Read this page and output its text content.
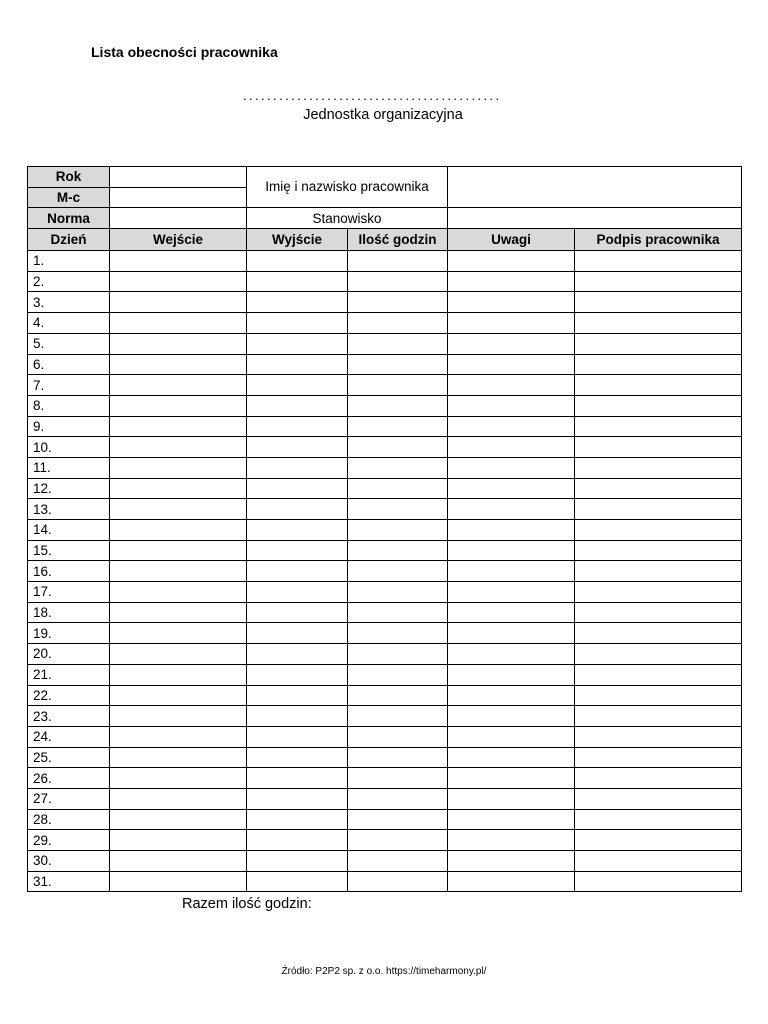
Lista obecności pracownika
...........................................
Jednostka organizacyjna
Rok		Imię i nazwisko pracownika			
M-c					
Norma		Stanowisko			
Dzień	Wejście	Wyjście	Ilość godzin	Uwagi	Podpis pracownika
1.					
2.					
3.					
4.					
5.					
6.					
7.					
8.					
9.					
10.					
11.					
12.					
13.					
14.					
15.					
16.					
17.					
18.					
19.					
20.					
21.					
22.					
23.					
24.					
25.					
26.					
27.					
28.					
29.					
30.					
31.					
Razem ilość godzin:
Źródło: P2P2 sp. z o.o. https://timeharmony.pl/
